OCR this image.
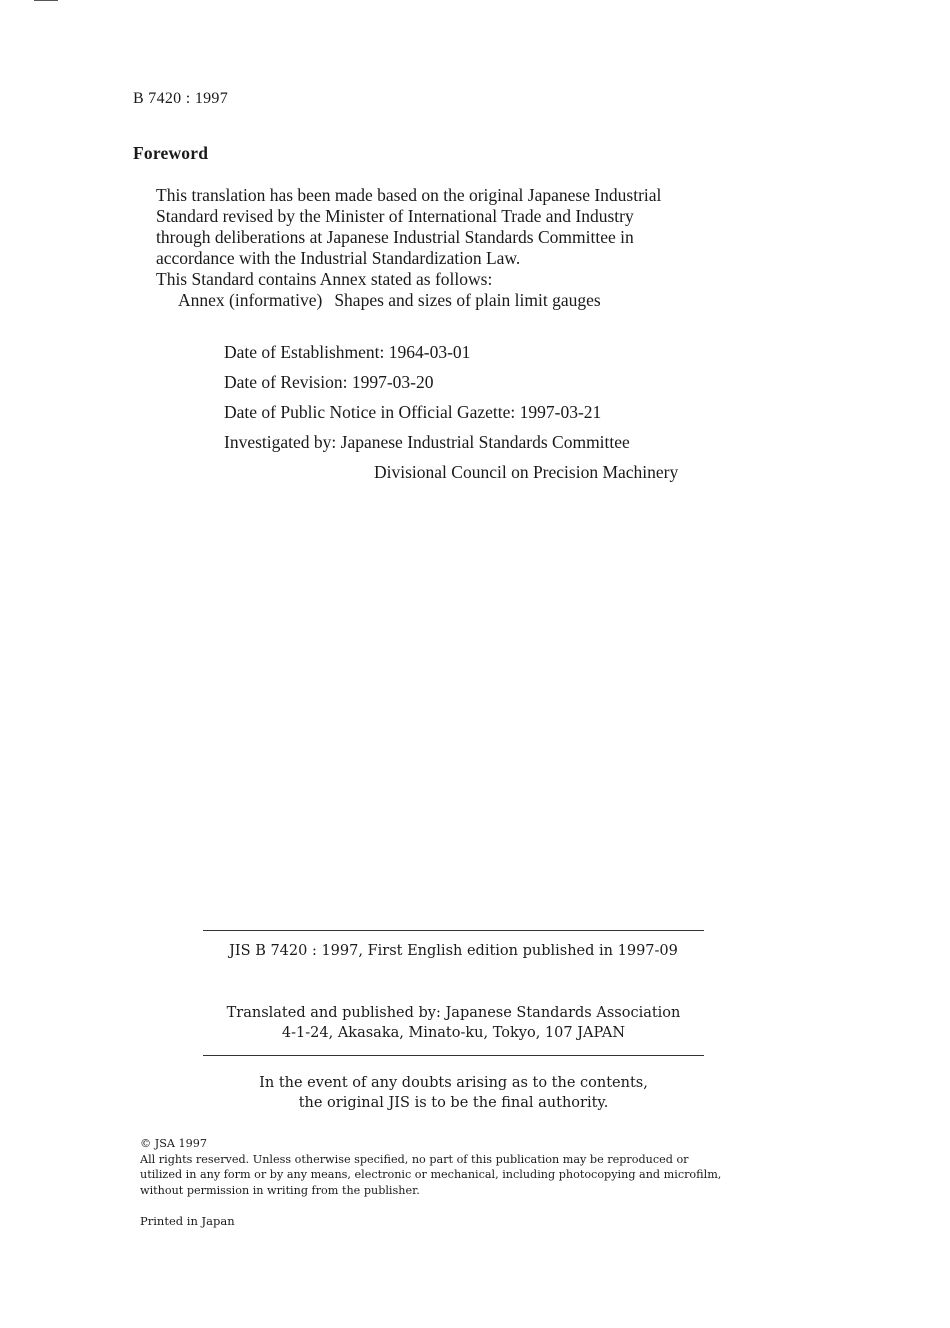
B 7420 : 1997
Foreword
This translation has been made based on the original Japanese Industrial
Standard revised by the Minister of International Trade and Industry
through deliberations at Japanese Industrial Standards Committee in
accordance with the Industrial Standardization Law.
This Standard contains Annex stated as follows:
Annex (informative) Shapes and sizes of plain limit gauges
Date of Establishment: 1964-03-01
Date of Revision: 1997-03-20
Date of Public Notice in Official Gazette: 1997-03-21
Investigated by: Japanese Industrial Standards Committee
Divisional Council on Precision Machinery
JIS B 7420 : 1997, First English edition published in 1997-09
Translated and published by: Japanese Standards Association
4-1-24, Akasaka, Minato-ku, Tokyo, 107 JAPAN
In the event of any doubts arising as to the contents,
the original JIS is to be the final authority.
© JSA 1997
All rights reserved. Unless otherwise specified, no part of this publication may be reproduced or
utilized in any form or by any means, electronic or mechanical, including photocopying and microfilm,
without permission in writing from the publisher.
Printed in Japan
